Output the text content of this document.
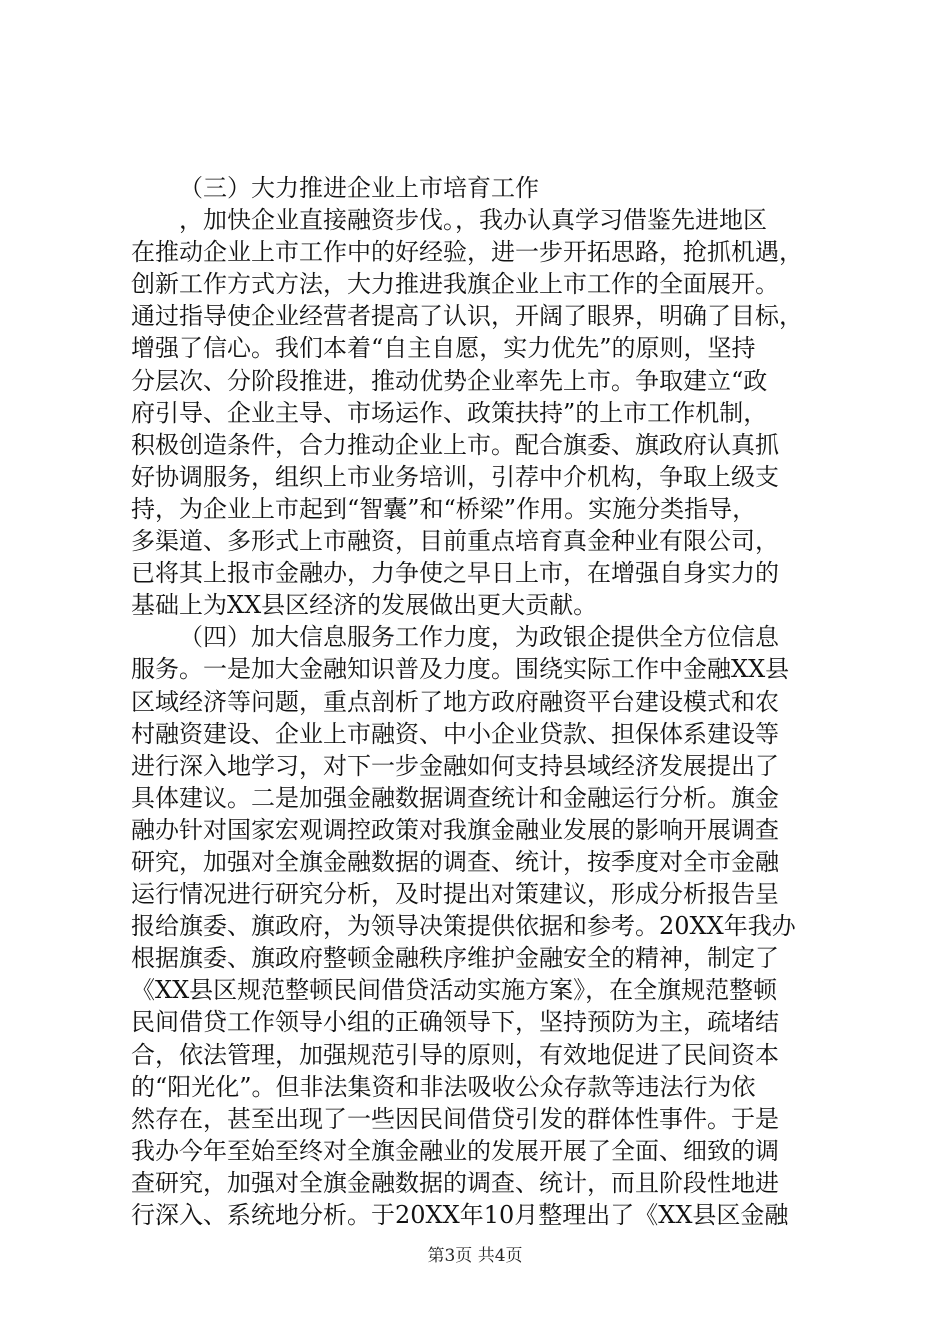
（三）大力推进企业上市培育工作
，加快企业直接融资步伐。，我办认真学习借鉴先进地区
在推动企业上市工作中的好经验，进一步开拓思路，抢抓机遇，
创新工作方式方法，大力推进我旗企业上市工作的全面展开。
通过指导使企业经营者提高了认识，开阔了眼界，明确了目标，
增强了信心。我们本着“自主自愿，实力优先”的原则，坚持
分层次、分阶段推进，推动优势企业率先上市。争取建立“政
府引导、企业主导、市场运作、政策扶持”的上市工作机制，
积极创造条件，合力推动企业上市。配合旗委、旗政府认真抓
好协调服务，组织上市业务培训，引荐中介机构，争取上级支
持，为企业上市起到“智囊”和“桥梁”作用。实施分类指导，
多渠道、多形式上市融资，目前重点培育真金种业有限公司，
已将其上报市金融办，力争使之早日上市，在增强自身实力的
基础上为XX县区经济的发展做出更大贡献。
（四）加大信息服务工作力度，为政银企提供全方位信息
服务。一是加大金融知识普及力度。围绕实际工作中金融XX县
区域经济等问题，重点剖析了地方政府融资平台建设模式和农
村融资建设、企业上市融资、中小企业贷款、担保体系建设等
进行深入地学习，对下一步金融如何支持县域经济发展提出了
具体建议。二是加强金融数据调查统计和金融运行分析。旗金
融办针对国家宏观调控政策对我旗金融业发展的影响开展调查
研究，加强对全旗金融数据的调查、统计，按季度对全市金融
运行情况进行研究分析，及时提出对策建议，形成分析报告呈
报给旗委、旗政府，为领导决策提供依据和参考。20XX年我办
根据旗委、旗政府整顿金融秩序维护金融安全的精神，制定了
《XX县区规范整顿民间借贷活动实施方案》，在全旗规范整顿
民间借贷工作领导小组的正确领导下，坚持预防为主，疏堵结
合，依法管理，加强规范引导的原则，有效地促进了民间资本
的“阳光化”。但非法集资和非法吸收公众存款等违法行为依
然存在，甚至出现了一些因民间借贷引发的群体性事件。于是
我办今年至始至终对全旗金融业的发展开展了全面、细致的调
查研究，加强对全旗金融数据的调查、统计，而且阶段性地进
行深入、系统地分析。于20XX年10月整理出了《XX县区金融
第3页 共4页
